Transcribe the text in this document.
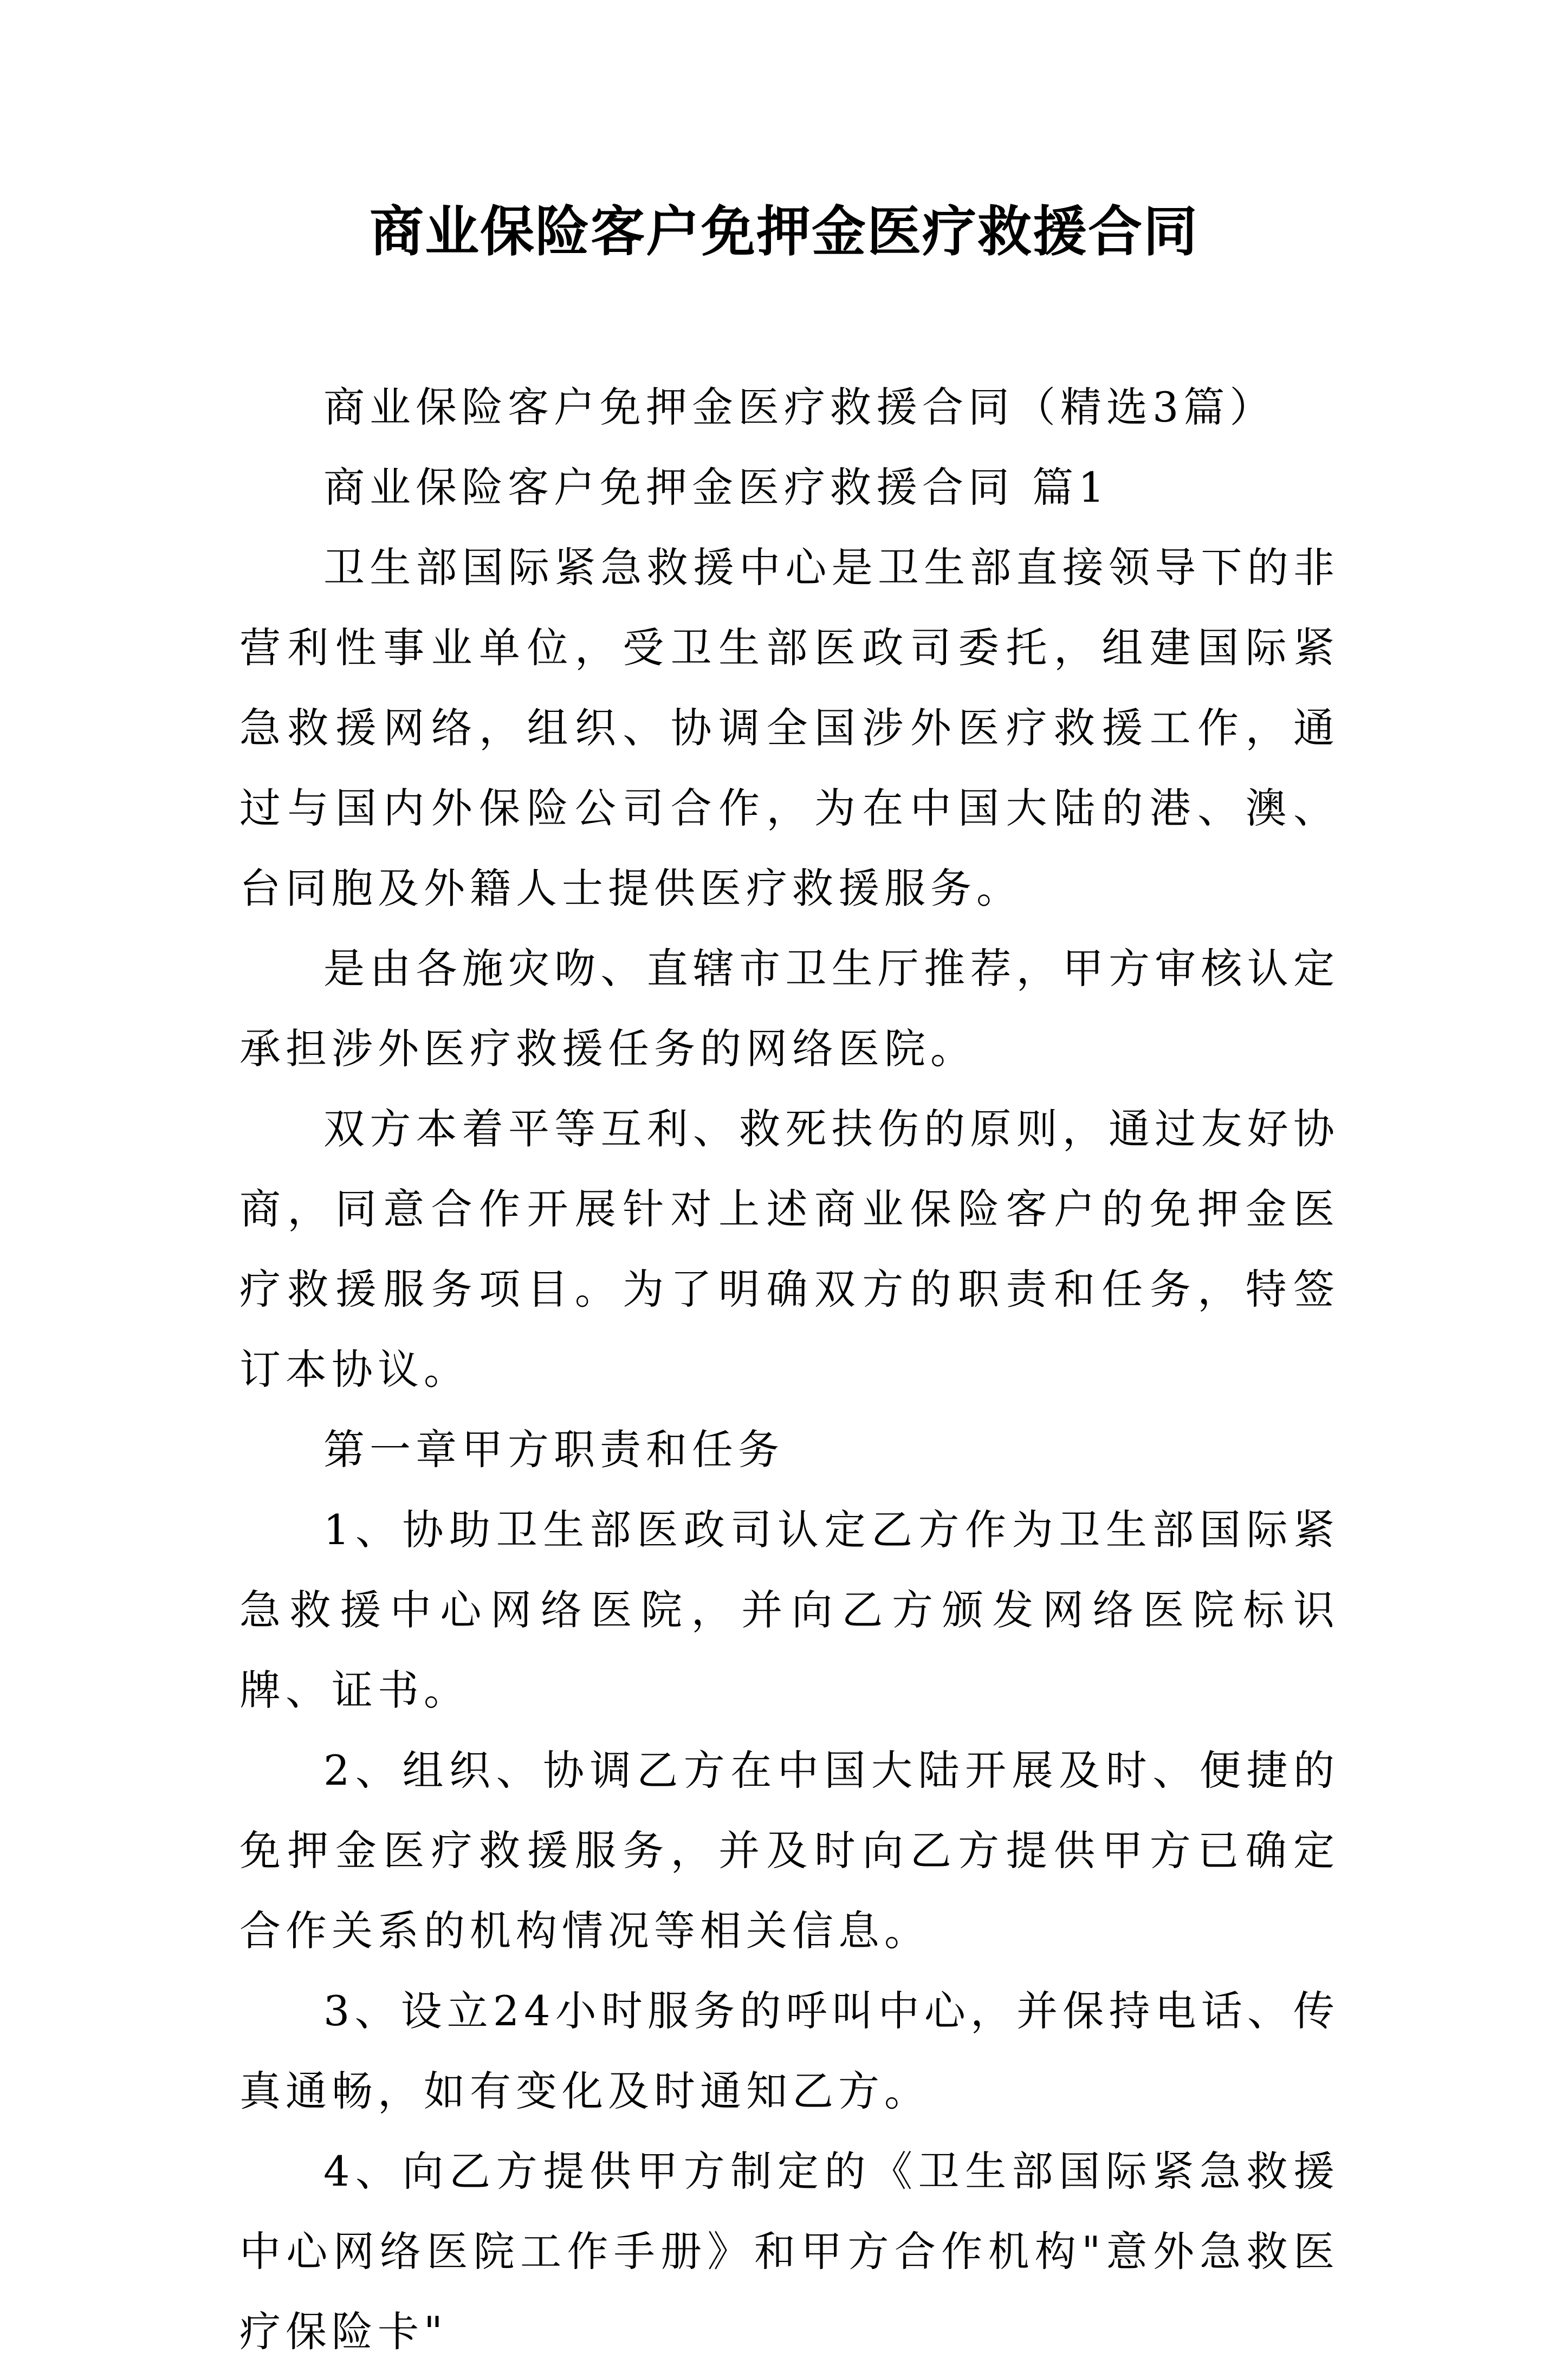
商业保险客户免押金医疗救援合同

商业保险客户免押金医疗救援合同（精选3篇）

商业保险客户免押金医疗救援合同 篇1

卫生部国际紧急救援中心是卫生部直接领导下的非营利性事业单位，受卫生部医政司委托，组建国际紧急救援网络，组织、协调全国涉外医疗救援工作，通过与国内外保险公司合作，为在中国大陆的港、澳、台同胞及外籍人士提供医疗救援服务。

是由各施灾吻、直辖市卫生厅推荐，甲方审核认定承担涉外医疗救援任务的网络医院。

双方本着平等互利、救死扶伤的原则，通过友好协商，同意合作开展针对上述商业保险客户的免押金医疗救援服务项目。为了明确双方的职责和任务，特签订本协议。

第一章甲方职责和任务

1、协助卫生部医政司认定乙方作为卫生部国际紧急救援中心网络医院，并向乙方颁发网络医院标识牌、证书。

2、组织、协调乙方在中国大陆开展及时、便捷的免押金医疗救援服务，并及时向乙方提供甲方已确定合作关系的机构情况等相关信息。

3、设立24小时服务的呼叫中心，并保持电话、传真通畅，如有变化及时通知乙方。

4、向乙方提供甲方制定的《卫生部国际紧急救援中心网络医院工作手册》和甲方合作机构"意外急救医疗保险卡"
